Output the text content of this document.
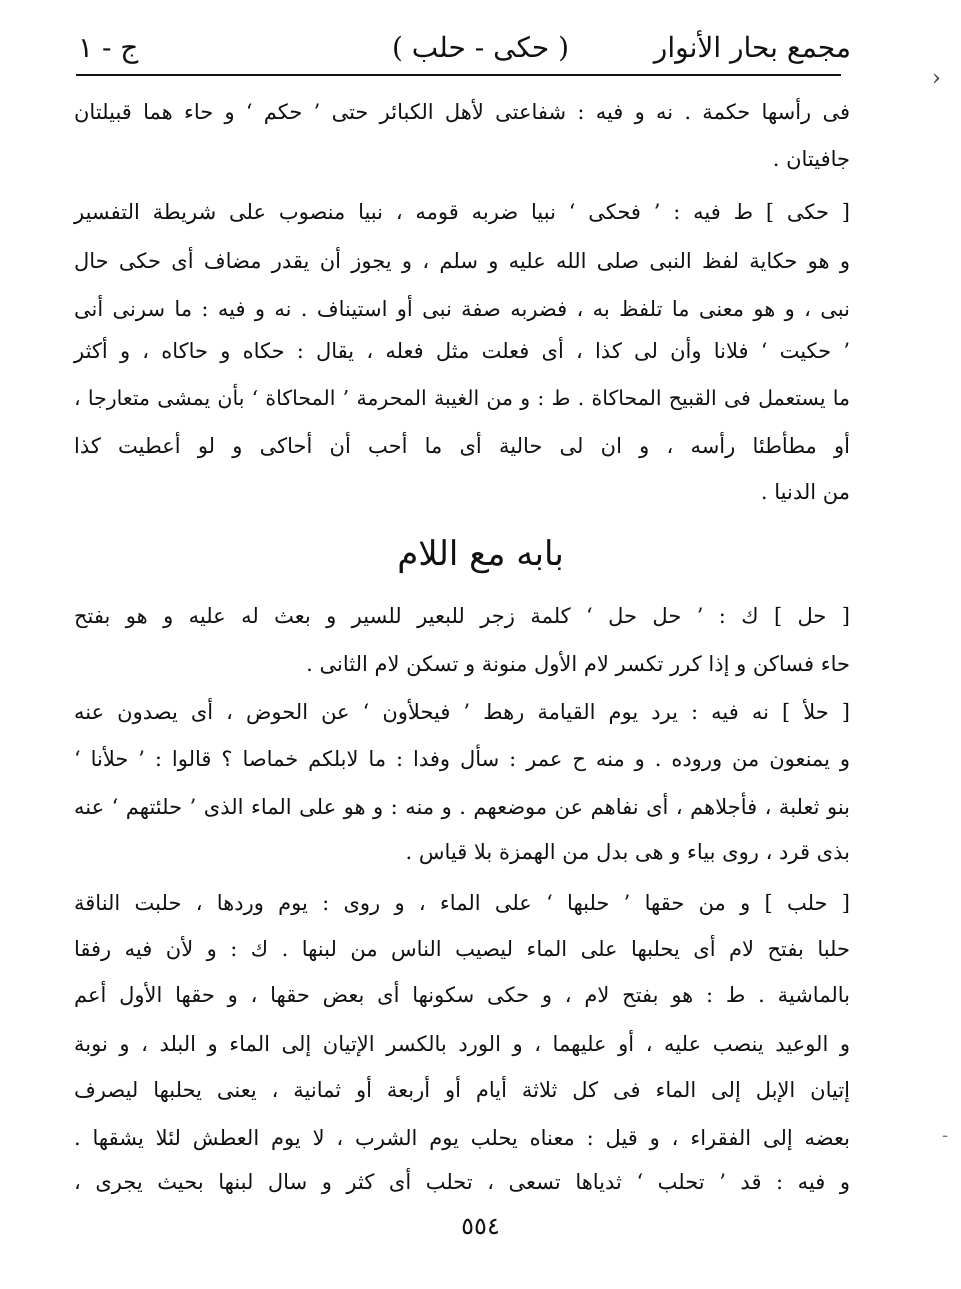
مجمع بحار الأنوار
( حكى - حلب )
ج - ١
›
-
فى رأسها حكمة . نه و فيه : شفاعتى لأهل الكبائر حتى ’ حكم ‘ و حاء هما قبيلتان
جافيتان .
[ حكى ] ط فيه : ’ فحكى ‘ نبيا ضربه قومه ، نبيا منصوب على شريطة التفسير
و هو حكاية لفظ النبى صلى الله عليه و سلم ، و يجوز أن يقدر مضاف أى حكى حال
نبى ، و هو معنى ما تلفظ به ، فضربه صفة نبى أو استيناف . نه و فيه : ما سرنى أنى
’ حكيت ‘ فلانا وأن لى كذا ، أى فعلت مثل فعله ، يقال : حكاه و حاكاه ، و أكثر
ما يستعمل فى القبيح المحاكاة . ط : و من الغيبة المحرمة ’ المحاكاة ‘ بأن يمشى متعارجا ،
أو مطأطئا رأسه ، و ان لى حالية أى ما أحب أن أحاكى و لو أعطيت كذا
من الدنيا .
بابه مع اللام
[ حل ] ك : ’ حل حل ‘ كلمة زجر للبعير للسير و بعث له عليه و هو بفتح
حاء فساكن و إذا كرر تكسر لام الأول منونة و تسكن لام الثانى .
[ حلأ ] نه فيه : يرد يوم القيامة رهط ’ فيحلأون ‘ عن الحوض ، أى يصدون عنه
و يمنعون من وروده . و منه ح عمر : سأل وفدا : ما لابلكم خماصا ؟ قالوا : ’ حلأنا ‘
بنو ثعلبة ، فأجلاهم ، أى نفاهم عن موضعهم . و منه : و هو على الماء الذى ’ حلئتهم ‘ عنه
بذى قرد ، روى بياء و هى بدل من الهمزة بلا قياس .
[ حلب ] و من حقها ’ حلبها ‘ على الماء ، و روى : يوم وردها ، حلبت الناقة
حلبا بفتح لام أى يحلبها على الماء ليصيب الناس من لبنها . ك : و لأن فيه رفقا
بالماشية . ط : هو بفتح لام ، و حكى سكونها أى بعض حقها ، و حقها الأول أعم
و الوعيد ينصب عليه ، أو عليهما ، و الورد بالكسر الإتيان إلى الماء و البلد ، و نوبة
إتيان الإبل إلى الماء فى كل ثلاثة أيام أو أربعة أو ثمانية ، يعنى يحلبها ليصرف
بعضه إلى الفقراء ، و قيل : معناه يحلب يوم الشرب ، لا يوم العطش لئلا يشقها .
و فيه : قد ’ تحلب ‘ ثدياها تسعى ، تحلب أى كثر و سال لبنها بحيث يجرى ،
٥٥٤
